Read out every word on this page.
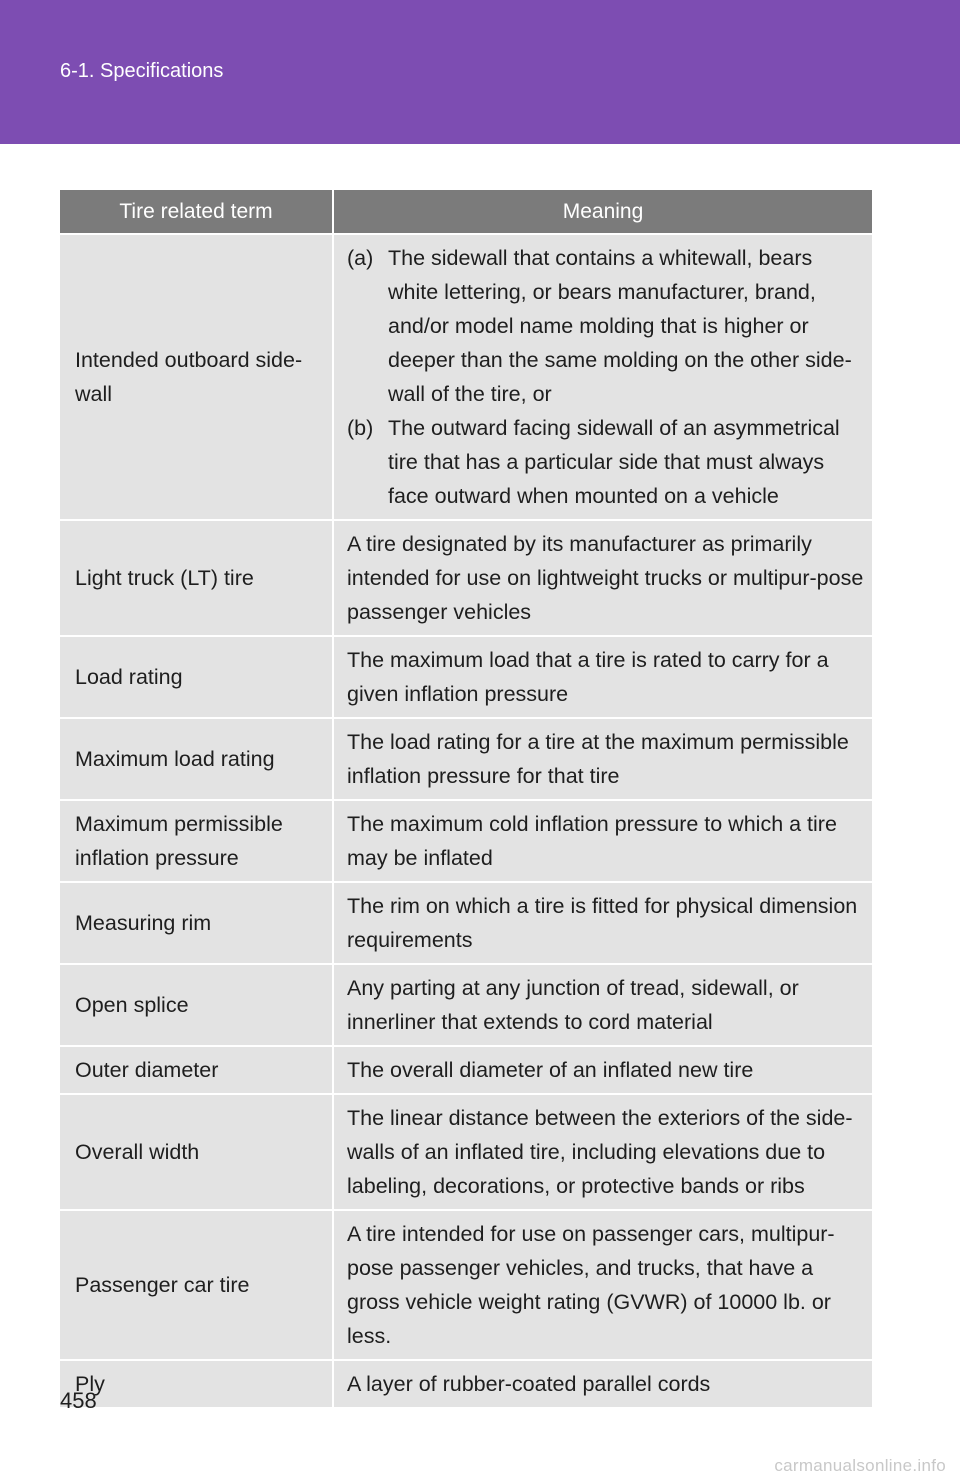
6-1. Specifications
Tire related term	Meaning
Intended outboard side-wall	(a) The sidewall that contains a whitewall, bears white lettering, or bears manufacturer, brand, and/or model name molding that is higher or deeper than the same molding on the other side-wall of the tire, or
(b) The outward facing sidewall of an asymmetrical tire that has a particular side that must always face outward when mounted on a vehicle

Light truck (LT) tire	A tire designated by its manufacturer as primarily intended for use on lightweight trucks or multipur-pose passenger vehicles
Load rating	The maximum load that a tire is rated to carry for a given inflation pressure
Maximum load rating	The load rating for a tire at the maximum permissible inflation pressure for that tire
Maximum permissible inflation pressure	The maximum cold inflation pressure to which a tire may be inflated
Measuring rim	The rim on which a tire is fitted for physical dimension requirements
Open splice	Any parting at any junction of tread, sidewall, or innerliner that extends to cord material
Outer diameter	The overall diameter of an inflated new tire
Overall width	The linear distance between the exteriors of the side-walls of an inflated tire, including elevations due to labeling, decorations, or protective bands or ribs
Passenger car tire	A tire intended for use on passenger cars, multipur-pose passenger vehicles, and trucks, that have a gross vehicle weight rating (GVWR) of 10000 lb. or less.
Ply	A layer of rubber-coated parallel cords
458
carmanualsonline.info
